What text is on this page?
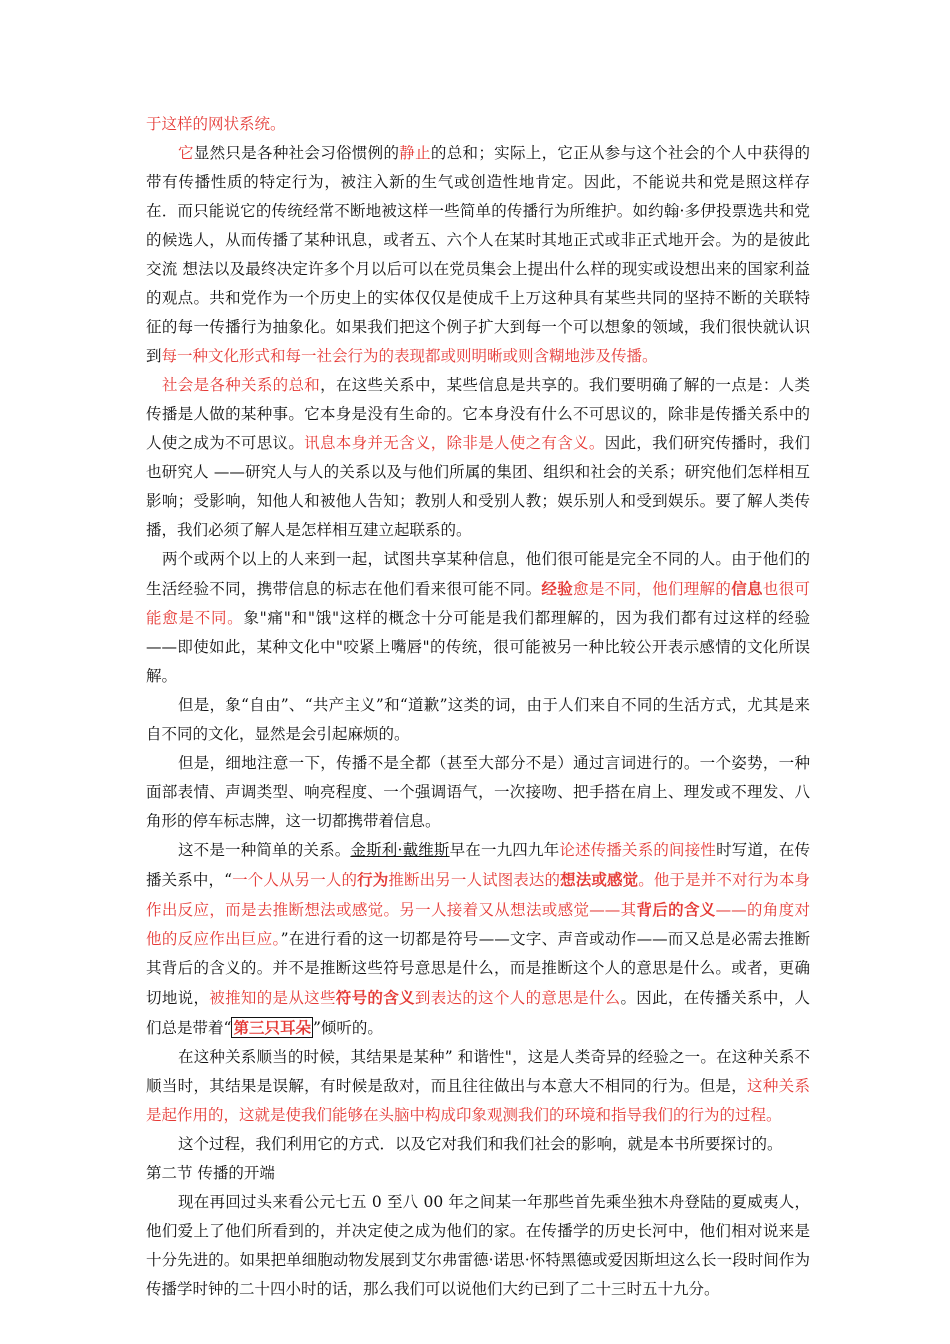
于这样的网状系统。

它显然只是各种社会习俗惯例的静止的总和；实际上，它正从参与这个社会的个人中获得的带有传播性质的特定行为，被注入新的生气或创造性地肯定。因此，不能说共和党是照这样存在．而只能说它的传统经常不断地被这样一些简单的传播行为所维护。如约翰·多伊投票选共和党的候选人，从而传播了某种讯息，或者五、六个人在某时其地正式或非正式地开会。为的是彼此交流 想法以及最终决定许多个月以后可以在党员集会上提出什么样的现实或设想出来的国家利益的观点。共和党作为一个历史上的实体仅仅是使成千上万这种具有某些共同的坚持不断的关联特征的每一传播行为抽象化。如果我们把这个例子扩大到每一个可以想象的领域，我们很快就认识到每一种文化形式和每一社会行为的表现都或则明晰或则含糊地涉及传播。

社会是各种关系的总和，在这些关系中，某些信息是共享的。我们要明确了解的一点是：人类传播是人做的某种事。它本身是没有生命的。它本身没有什么不可思议的，除非是传播关系中的人使之成为不可思议。讯息本身并无含义，除非是人使之有含义。因此，我们研究传播时，我们也研究人 ——研究人与人的关系以及与他们所属的集团、组织和社会的关系；研究他们怎样相互影响；受影响，知他人和被他人告知；教别人和受别人教；娱乐别人和受到娱乐。要了解人类传播，我们必须了解人是怎样相互建立起联系的。

两个或两个以上的人来到一起，试图共享某种信息，他们很可能是完全不同的人。由于他们的生活经验不同，携带信息的标志在他们看来很可能不同。经验愈是不同，他们理解的信息也很可能愈是不同。象"痛"和"饿"这样的概念十分可能是我们都理解的，因为我们都有过这样的经验——即使如此，某种文化中"咬紧上嘴唇"的传统，很可能被另一种比较公开表示感情的文化所误解。

但是，象“自由”、“共产主义”和“道歉”这类的词，由于人们来自不同的生活方式，尤其是来自不同的文化，显然是会引起麻烦的。

但是，细地注意一下，传播不是全都（甚至大部分不是）通过言词进行的。一个姿势，一种面部表情、声调类型、响亮程度、一个强调语气，一次接吻、把手搭在肩上、理发或不理发、八角形的停车标志牌，这一切都携带着信息。

这不是一种简单的关系。金斯利·戴维斯早在一九四九年论述传播关系的间接性时写道，在传播关系中，“一个人从另一人的行为推断出另一人试图表达的想法或感觉。他于是并不对行为本身作出反应，而是去推断想法或感觉。另一人接着又从想法或感觉——其背后的含义——的角度对他的反应作出巨应。”在进行看的这一切都是符号——文字、声音或动作——而又总是必需去推断其背后的含义的。并不是推断这些符号意思是什么，而是推断这个人的意思是什么。或者，更确切地说，被推知的是从这些符号的含义到表达的这个人的意思是什么。因此，在传播关系中，人们总是带着“ 第三只耳朵 ”倾听的。

在这种关系顺当的时候，其结果是某种” 和谐性"，这是人类奇异的经验之一。在这种关系不顺当时，其结果是误解，有时候是敌对，而且往往做出与本意大不相同的行为。但是，这种关系是起作用的，这就是使我们能够在头脑中构成印象观测我们的环境和指导我们的行为的过程。

这个过程，我们利用它的方式．以及它对我们和我们社会的影响，就是本书所要探讨的。

第二节 传播的开端

现在再回过头来看公元七五 0 至八 00 年之间某一年那些首先乘坐独木舟登陆的夏威夷人，他们爱上了他们所看到的，并决定使之成为他们的家。在传播学的历史长河中，他们相对说来是十分先进的。如果把单细胞动物发展到艾尔弗雷德·诺思·怀特黑德或爱因斯坦这么长一段时间作为传播学时钟的二十四小时的话，那么我们可以说他们大约已到了二十三时五十九分。
